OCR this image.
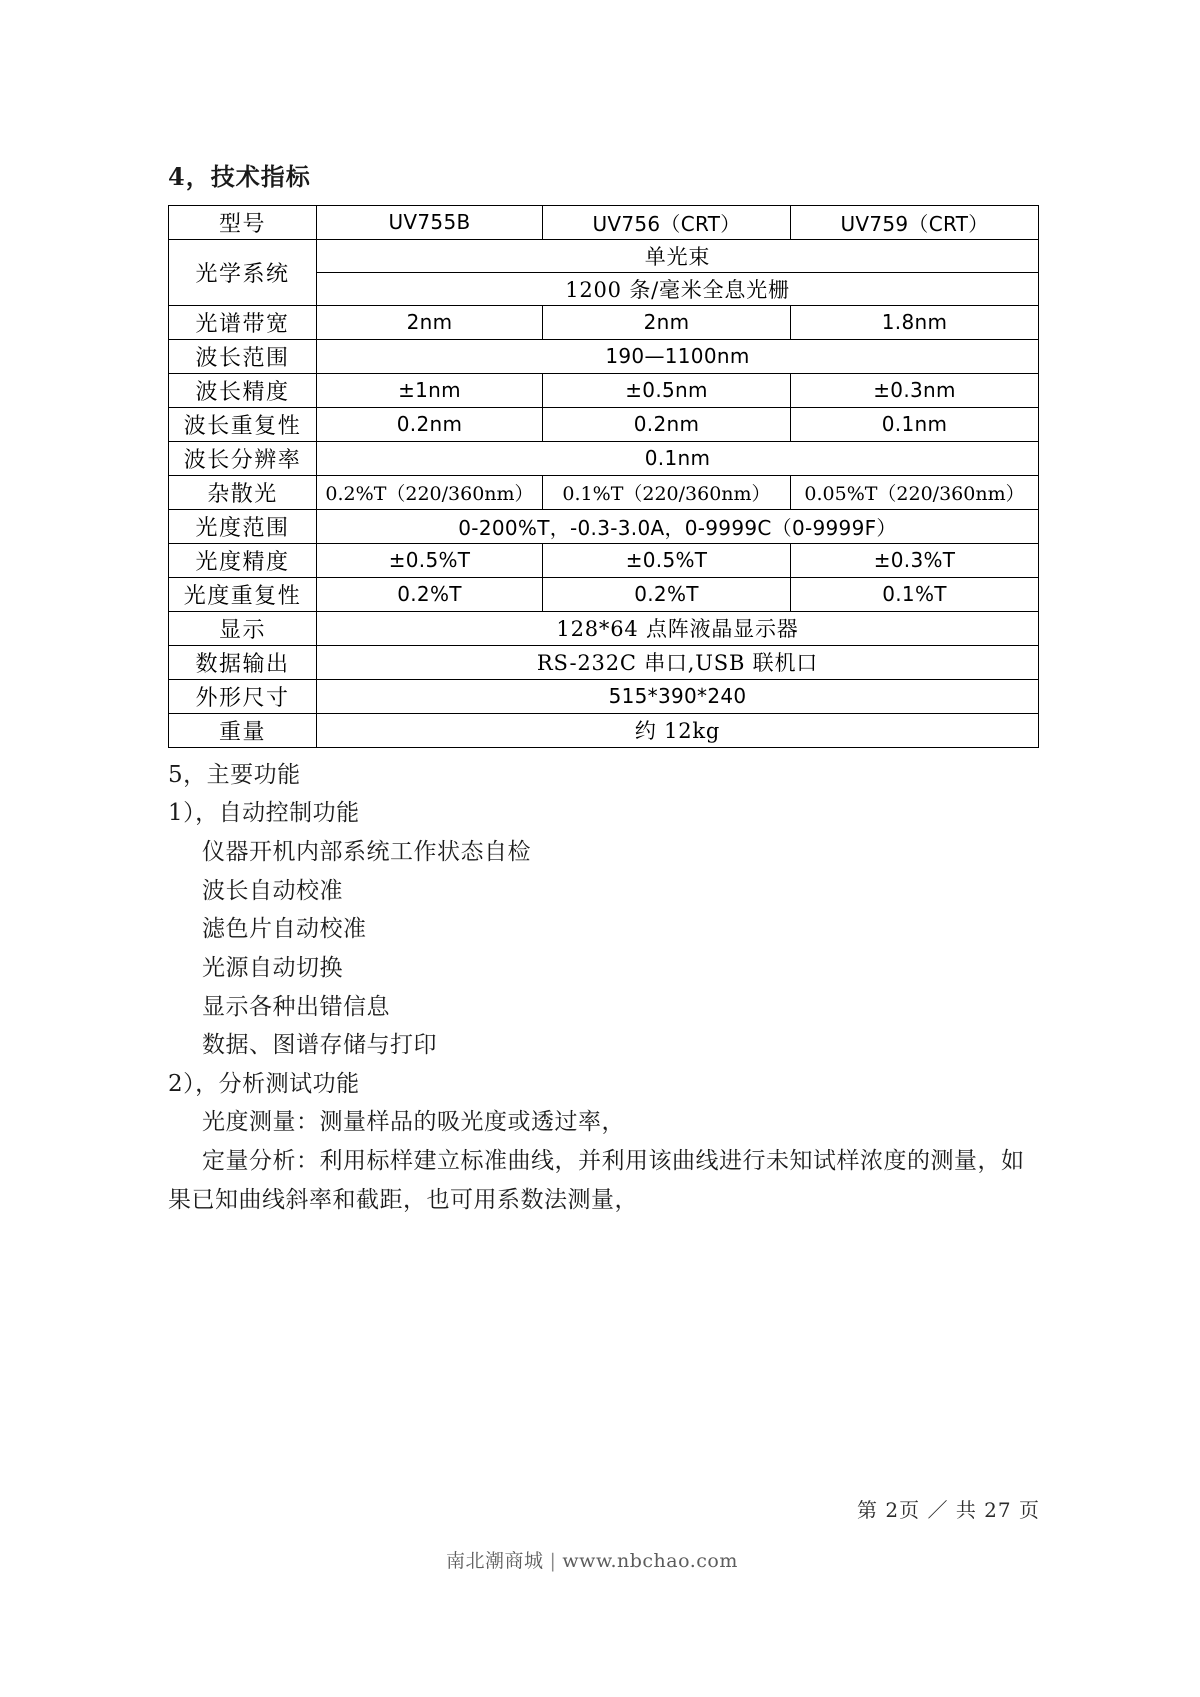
4，技术指标
型号	UV755B	UV756（CRT）	UV759（CRT）
光学系统	单光束		
	1200 条/毫米全息光栅		
光谱带宽	2nm	2nm	1.8nm
波长范围	190—1100nm		
波长精度	±1nm	±0.5nm	±0.3nm
波长重复性	0.2nm	0.2nm	0.1nm
波长分辨率	0.1nm		
杂散光	0.2%T（220/360nm）	0.1%T（220/360nm）	0.05%T（220/360nm）
光度范围	0-200%T，-0.3-3.0A，0-9999C（0-9999F）		
光度精度	±0.5%T	±0.5%T	±0.3%T
光度重复性	0.2%T	0.2%T	0.1%T
显示	128*64 点阵液晶显示器		
数据输出	RS-232C 串口,USB 联机口		
外形尺寸	515*390*240		
重量	约 12kg		

5，主要功能

1），自动控制功能

仪器开机内部系统工作状态自检

波长自动校准

滤色片自动校准

光源自动切换

显示各种出错信息

数据、图谱存储与打印

2），分析测试功能

光度测量：测量样品的吸光度或透过率，

定量分析：利用标样建立标准曲线，并利用该曲线进行未知试样浓度的测量，如果已知曲线斜率和截距，也可用系数法测量，

第 2页 ／ 共 27 页
南北潮商城 | www.nbchao.com
